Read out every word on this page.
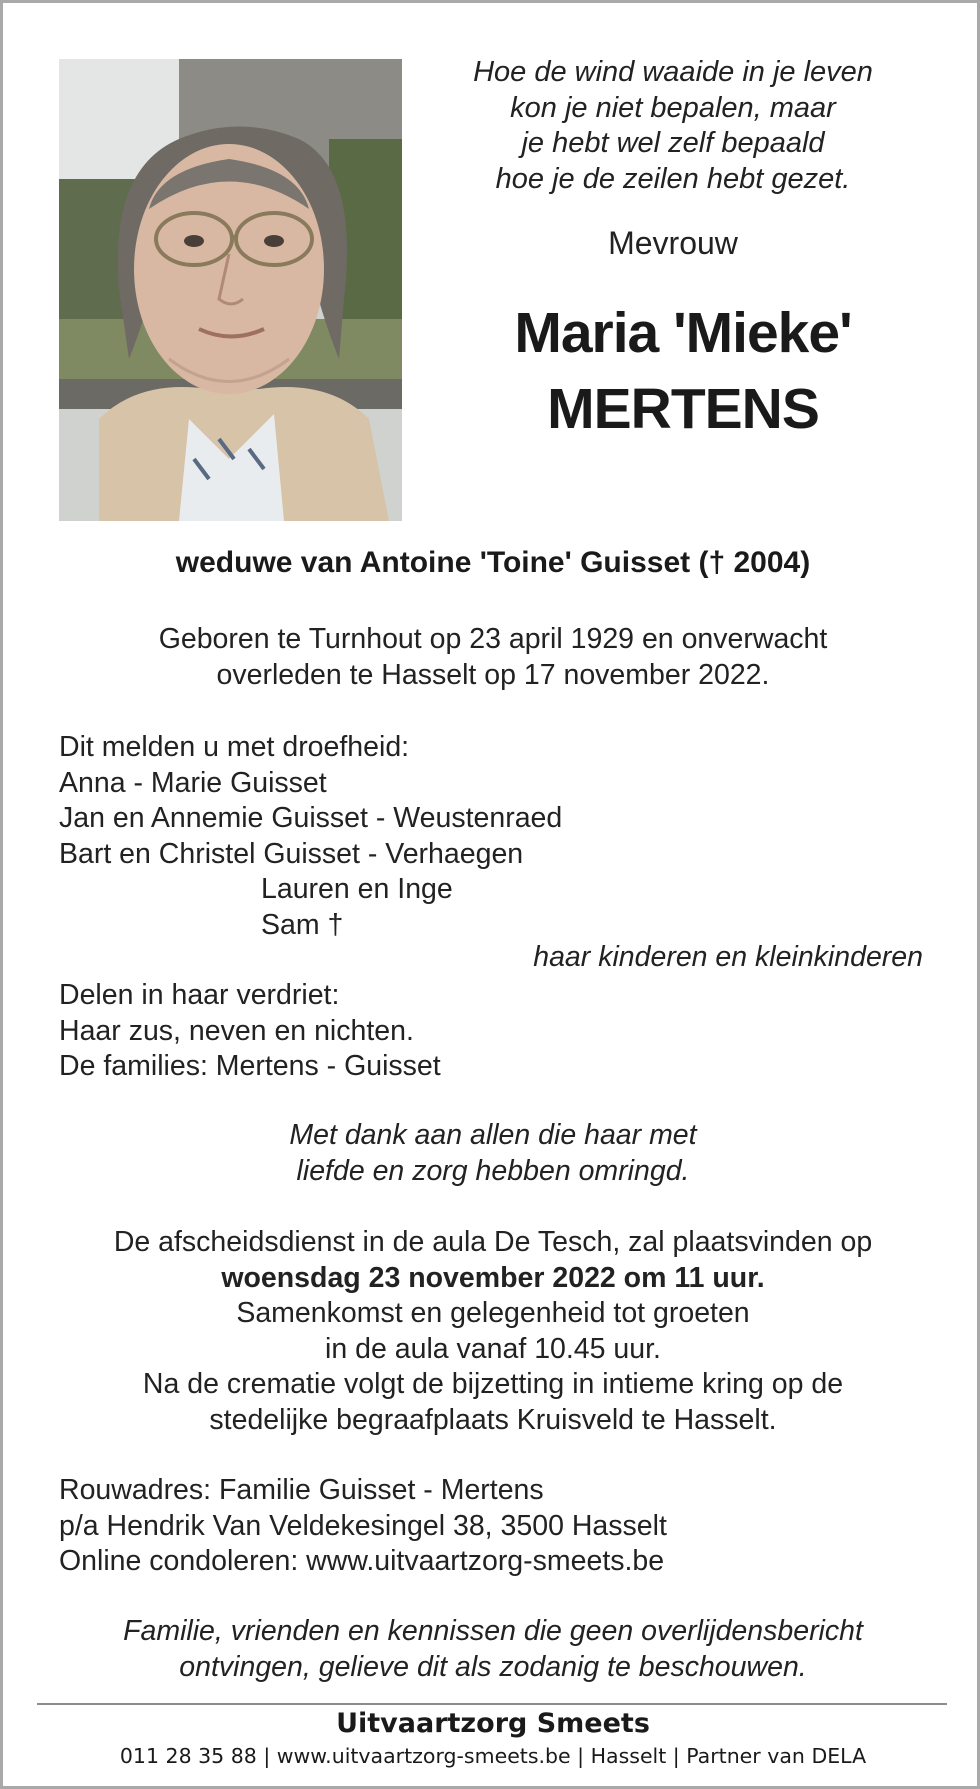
Hoe de wind waaide in je leven
kon je niet bepalen, maar
je hebt wel zelf bepaald
hoe je de zeilen hebt gezet.
Mevrouw
Maria 'Mieke'
MERTENS
weduwe van Antoine 'Toine' Guisset († 2004)
Geboren te Turnhout op 23 april 1929 en onverwacht
overleden te Hasselt op 17 november 2022.
Dit melden u met droefheid:
Anna - Marie Guisset
Jan en Annemie Guisset - Weustenraed
Bart en Christel Guisset - Verhaegen
Lauren en Inge
Sam †
haar kinderen en kleinkinderen
Delen in haar verdriet:
Haar zus, neven en nichten.
De families: Mertens - Guisset
Met dank aan allen die haar met
liefde en zorg hebben omringd.
De afscheidsdienst in de aula De Tesch, zal plaatsvinden op
woensdag 23 november 2022 om 11 uur.
Samenkomst en gelegenheid tot groeten
in de aula vanaf 10.45 uur.
Na de crematie volgt de bijzetting in intieme kring op de
stedelijke begraafplaats Kruisveld te Hasselt.
Rouwadres: Familie Guisset - Mertens
p/a Hendrik Van Veldekesingel 38, 3500 Hasselt
Online condoleren: www.uitvaartzorg-smeets.be
Familie, vrienden en kennissen die geen overlijdensbericht
ontvingen, gelieve dit als zodanig te beschouwen.
Uitvaartzorg Smeets
011 28 35 88 | www.uitvaartzorg-smeets.be | Hasselt | Partner van DELA
